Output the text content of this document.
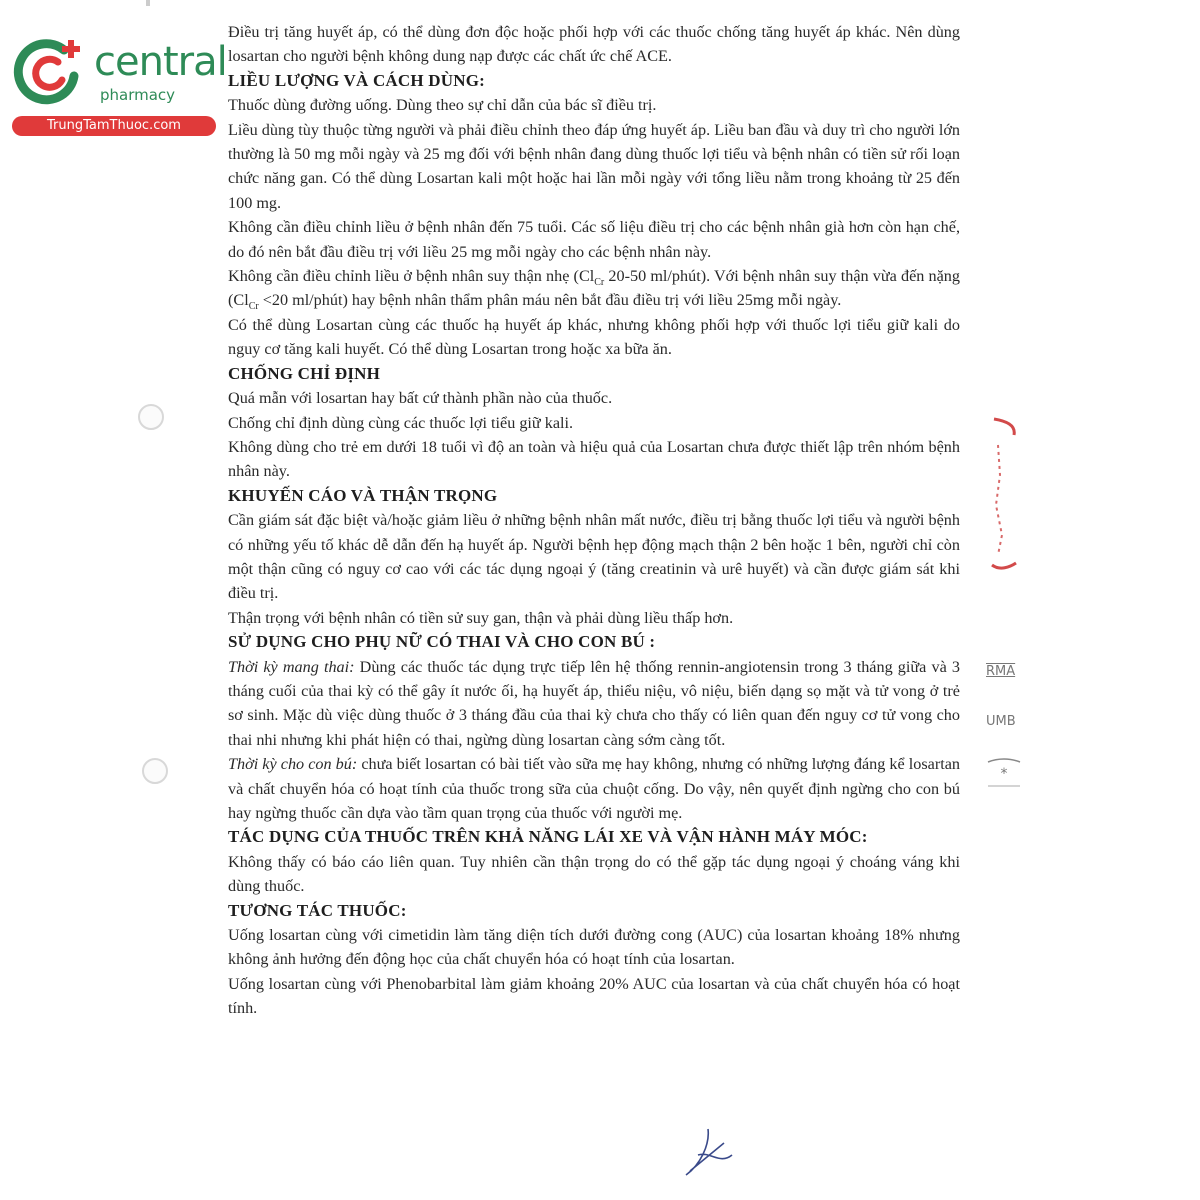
central
pharmacy
TrungTamThuoc.com
RMA
UMB
*

Điều trị tăng huyết áp, có thể dùng đơn độc hoặc phối hợp với các thuốc chống tăng huyết áp khác. Nên dùng losartan cho người bệnh không dung nạp được các chất ức chế ACE.

LIỀU LƯỢNG VÀ CÁCH DÙNG:

Thuốc dùng đường uống. Dùng theo sự chỉ dẫn của bác sĩ điều trị.

Liều dùng tùy thuộc từng người và phải điều chỉnh theo đáp ứng huyết áp. Liều ban đầu và duy trì cho người lớn thường là 50 mg mỗi ngày và 25 mg đối với bệnh nhân đang dùng thuốc lợi tiểu và bệnh nhân có tiền sử rối loạn chức năng gan. Có thể dùng Losartan kali một hoặc hai lần mỗi ngày với tổng liều nằm trong khoảng từ 25 đến 100 mg.

Không cần điều chỉnh liều ở bệnh nhân đến 75 tuổi. Các số liệu điều trị cho các bệnh nhân già hơn còn hạn chế, do đó nên bắt đầu điều trị với liều 25 mg mỗi ngày cho các bệnh nhân này.

Không cần điều chỉnh liều ở bệnh nhân suy thận nhẹ ($Cl_{Cr}$ 20-50 ml/phút). Với bệnh nhân suy thận vừa đến nặng ($Cl_{Cr} <20$ ml/phút) hay bệnh nhân thẩm phân máu nên bắt đầu điều trị với liều 25mg mỗi ngày.

Có thể dùng Losartan cùng các thuốc hạ huyết áp khác, nhưng không phối hợp với thuốc lợi tiểu giữ kali do nguy cơ tăng kali huyết. Có thể dùng Losartan trong hoặc xa bữa ăn.

CHỐNG CHỈ ĐỊNH

Quá mẫn với losartan hay bất cứ thành phần nào của thuốc.

Chống chỉ định dùng cùng các thuốc lợi tiểu giữ kali.

Không dùng cho trẻ em dưới 18 tuổi vì độ an toàn và hiệu quả của Losartan chưa được thiết lập trên nhóm bệnh nhân này.

KHUYẾN CÁO VÀ THẬN TRỌNG

Cần giám sát đặc biệt và/hoặc giảm liều ở những bệnh nhân mất nước, điều trị bằng thuốc lợi tiểu và người bệnh có những yếu tố khác dễ dẫn đến hạ huyết áp. Người bệnh hẹp động mạch thận 2 bên hoặc 1 bên, người chỉ còn một thận cũng có nguy cơ cao với các tác dụng ngoại ý (tăng creatinin và urê huyết) và cần được giám sát khi điều trị.

Thận trọng với bệnh nhân có tiền sử suy gan, thận và phải dùng liều thấp hơn.

SỬ DỤNG CHO PHỤ NỮ CÓ THAI VÀ CHO CON BÚ :

Thời kỳ mang thai: Dùng các thuốc tác dụng trực tiếp lên hệ thống rennin-angiotensin trong 3 tháng giữa và 3 tháng cuối của thai kỳ có thể gây ít nước ối, hạ huyết áp, thiểu niệu, vô niệu, biến dạng sọ mặt và tử vong ở trẻ sơ sinh. Mặc dù việc dùng thuốc ở 3 tháng đầu của thai kỳ chưa cho thấy có liên quan đến nguy cơ tử vong cho thai nhi nhưng khi phát hiện có thai, ngừng dùng losartan càng sớm càng tốt.

Thời kỳ cho con bú: chưa biết losartan có bài tiết vào sữa mẹ hay không, nhưng có những lượng đáng kể losartan và chất chuyển hóa có hoạt tính của thuốc trong sữa của chuột cống. Do vậy, nên quyết định ngừng cho con bú hay ngừng thuốc cần dựa vào tầm quan trọng của thuốc với người mẹ.

TÁC DỤNG CỦA THUỐC TRÊN KHẢ NĂNG LÁI XE VÀ VẬN HÀNH MÁY MÓC:

Không thấy có báo cáo liên quan. Tuy nhiên cần thận trọng do có thể gặp tác dụng ngoại ý choáng váng khi dùng thuốc.

TƯƠNG TÁC THUỐC:

Uống losartan cùng với cimetidin làm tăng diện tích dưới đường cong (AUC) của losartan khoảng 18% nhưng không ảnh hưởng đến động học của chất chuyển hóa có hoạt tính của losartan.

Uống losartan cùng với Phenobarbital làm giảm khoảng 20% AUC của losartan và của chất chuyển hóa có hoạt tính.
